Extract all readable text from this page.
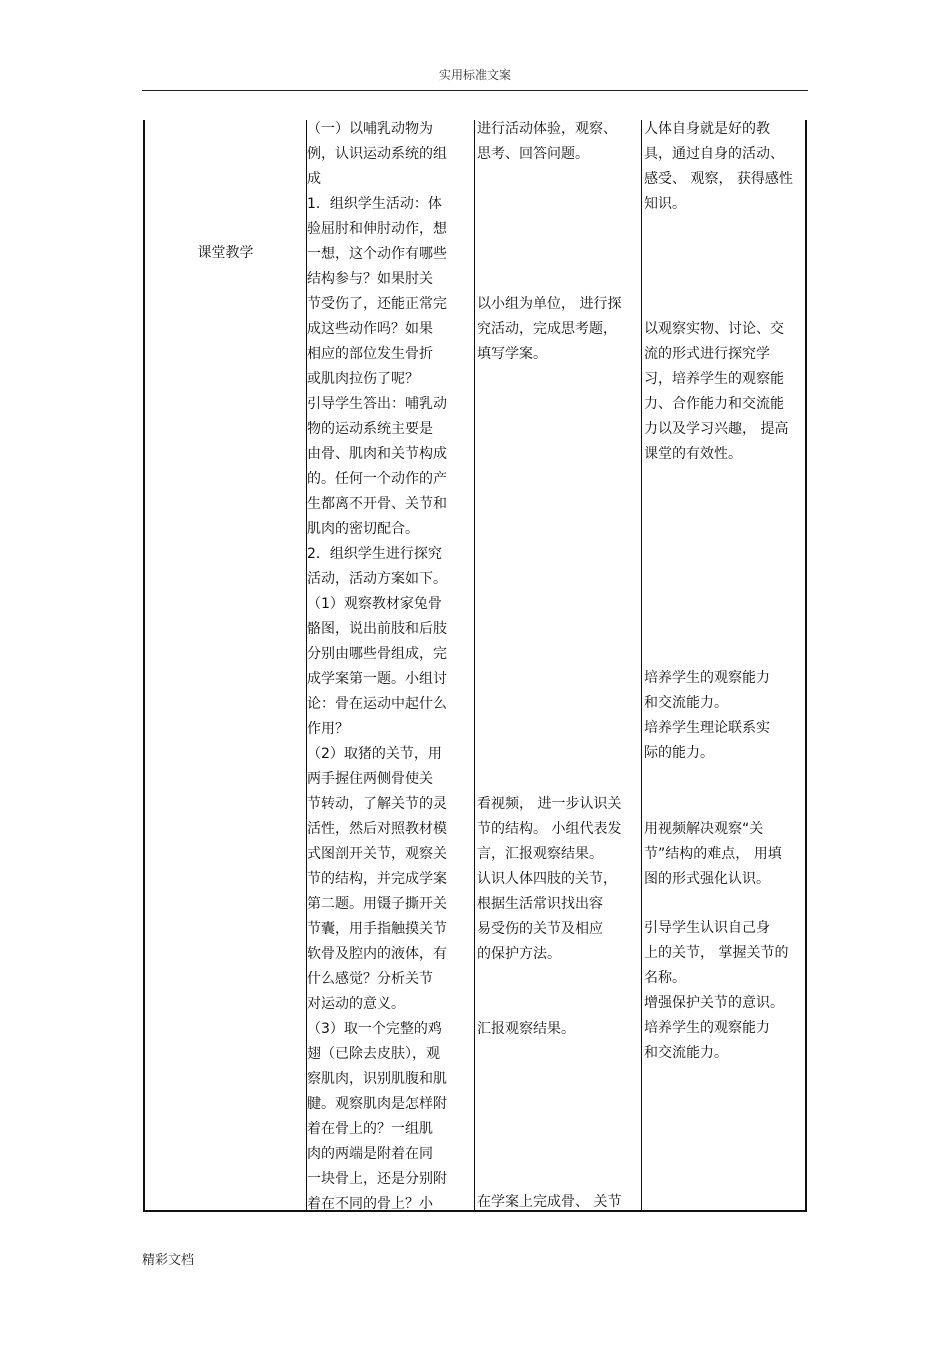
实用标准文案
课堂教学
（一）以哺乳动物为
例，认识运动系统的组
成
1．组织学生活动：体
验屈肘和伸肘动作，想
一想，这个动作有哪些
结构参与？如果肘关
节受伤了，还能正常完
成这些动作吗？如果
相应的部位发生骨折
或肌肉拉伤了呢？
引导学生答出：哺乳动
物的运动系统主要是
由骨、肌肉和关节构成
的。任何一个动作的产
生都离不开骨、关节和
肌肉的密切配合。
2．组织学生进行探究
活动，活动方案如下。
（1）观察教材家兔骨
骼图，说出前肢和后肢
分别由哪些骨组成，完
成学案第一题。小组讨
论：骨在运动中起什么
作用？
（2）取猪的关节，用
两手握住两侧骨使关
节转动，了解关节的灵
活性，然后对照教材模
式图剖开关节，观察关
节的结构，并完成学案
第二题。用镊子撕开关
节囊，用手指触摸关节
软骨及腔内的液体，有
什么感觉？分析关节
对运动的意义。
（3）取一个完整的鸡
翅（已除去皮肤），观
察肌肉，识别肌腹和肌
腱。观察肌肉是怎样附
着在骨上的？一组肌
肉的两端是附着在同
一块骨上，还是分别附
着在不同的骨上？小
进行活动体验，观察、
思考、回答问题。
以小组为单位， 进行探
究活动，完成思考题，
填写学案。
看视频， 进一步认识关
节的结构。 小组代表发
言，汇报观察结果。
认识人体四肢的关节，
根据生活常识找出容
易受伤的关节及相应
的保护方法。
汇报观察结果。
在学案上完成骨、 关节
人体自身就是好的教
具，通过自身的活动、
感受、 观察， 获得感性
知识。
以观察实物、讨论、交
流的形式进行探究学
习，培养学生的观察能
力、合作能力和交流能
力以及学习兴趣， 提高
课堂的有效性。
培养学生的观察能力
和交流能力。
培养学生理论联系实
际的能力。
用视频解决观察“关
节”结构的难点， 用填
图的形式强化认识。
引导学生认识自己身
上的关节， 掌握关节的
名称。
增强保护关节的意识。
培养学生的观察能力
和交流能力。
精彩文档
